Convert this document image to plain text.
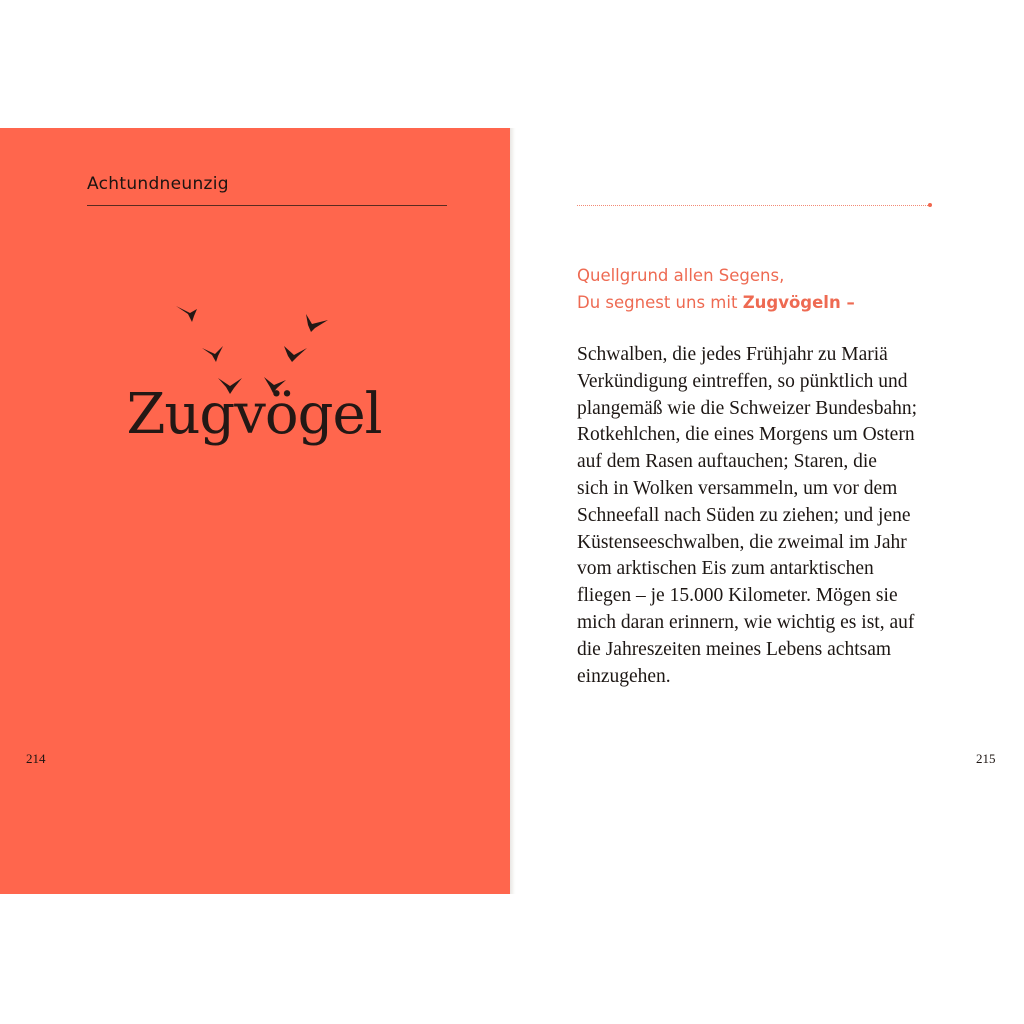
Achtundneunzig
Zugvögel
214
Quellgrund allen Segens,
Du segnest uns mit Zugvögeln –
Schwalben, die jedes Frühjahr zu Mariä
Verkündigung eintreffen, so pünktlich und
plangemäß wie die Schweizer Bundesbahn;
Rotkehlchen, die eines Morgens um Ostern
auf dem Rasen auftauchen; Staren, die
sich in Wolken versammeln, um vor dem
Schneefall nach Süden zu ziehen; und jene
Küstenseeschwalben, die zweimal im Jahr
vom arktischen Eis zum antarktischen
fliegen – je 15.000 Kilometer. Mögen sie
mich daran erinnern, wie wichtig es ist, auf
die Jahreszeiten meines Lebens achtsam
einzugehen.
215
